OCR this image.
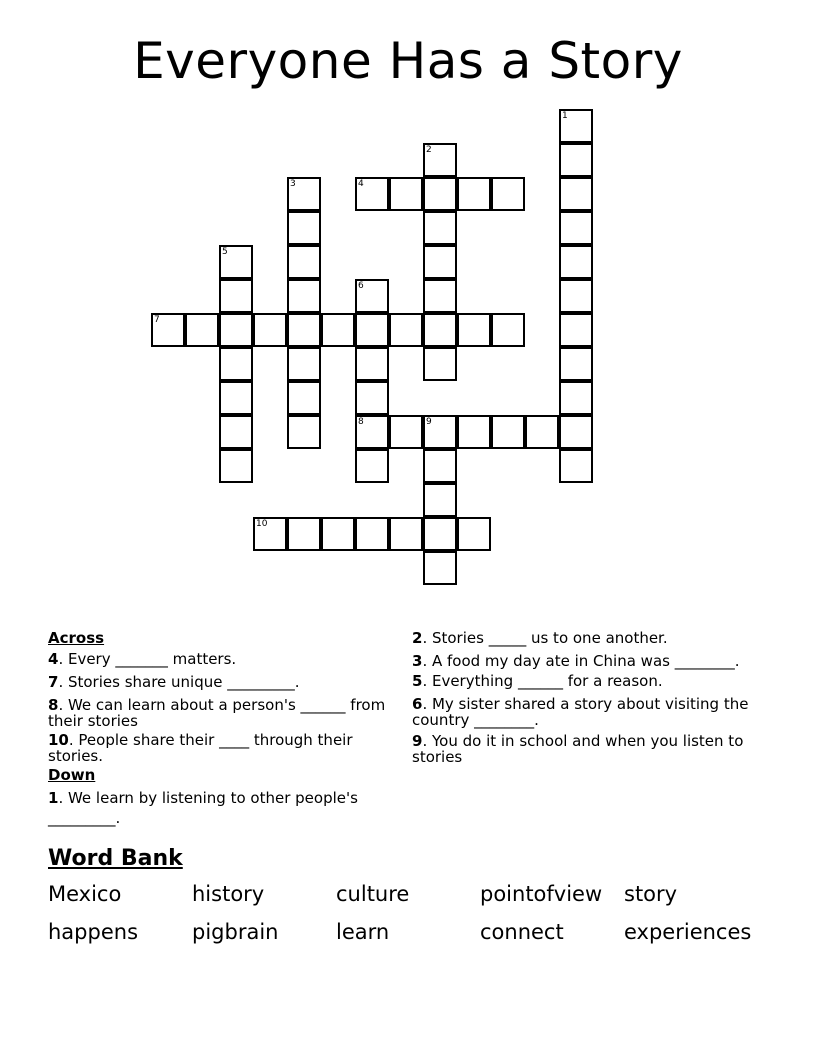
Everyone Has a Story
1
2
3	4
5
6
8
7
9
10
Across

4. Every _______ matters.

7. Stories share unique _________.

8. We can learn about a person's ______ from their stories

10. People share their ____ through their stories.

Down

1. We learn by listening to other people's _________.

2. Stories _____ us to one another.

3. A food my day ate in China was ________.

5. Everything ______ for a reason.

6. My sister shared a story about visiting the country ________.

9. You do it in school and when you listen to stories

Word Bank
Mexico	history	culture	pointofview story
happens	pigbrain	learn	connect	experiences
